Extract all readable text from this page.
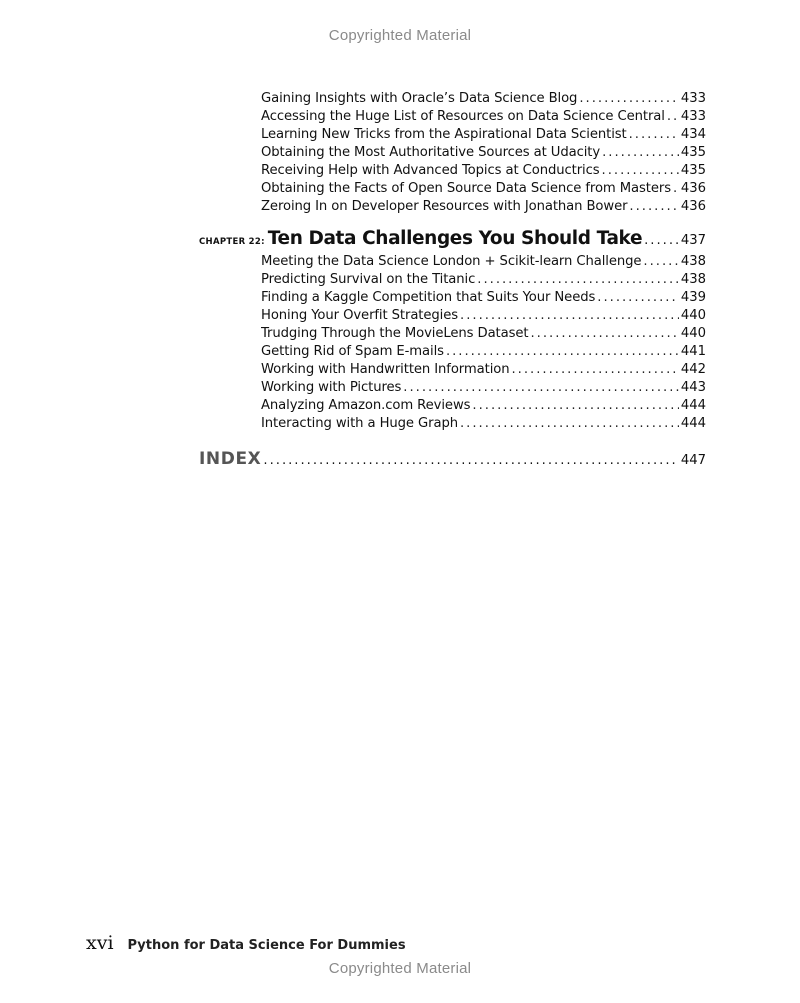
Copyrighted Material
Gaining Insights with Oracle’s Data Science Blog . . .	433
Accessing the Huge List of Resources on Data Science Central . . . 433
Learning New Tricks from the Aspirational Data Scientist . . .	434
Obtaining the Most Authoritative Sources at Udacity . . .	435
Receiving Help with Advanced Topics at Conductrics . . .	435
Obtaining the Facts of Open Source Data Science from Masters . . . 436
Zeroing In on Developer Resources with Jonathan Bower . . .	436
CHAPTER 22: Ten Data Challenges You Should Take . . .	437
Meeting the Data Science London + Scikit-learn Challenge . . .	438
Predicting Survival on the Titanic . . .	438
Finding a Kaggle Competition that Suits Your Needs . . .	439
Honing Your Overfit Strategies . . .	440
Trudging Through the MovieLens Dataset . . .	440
Getting Rid of Spam E-mails . . .	441
Working with Handwritten Information . . .	442
Working with Pictures . . .	443
Analyzing Amazon.com Reviews . . .	444
Interacting with a Huge Graph . . .	444
INDEX . . .	447
xvi Python for Data Science For Dummies
Copyrighted Material
